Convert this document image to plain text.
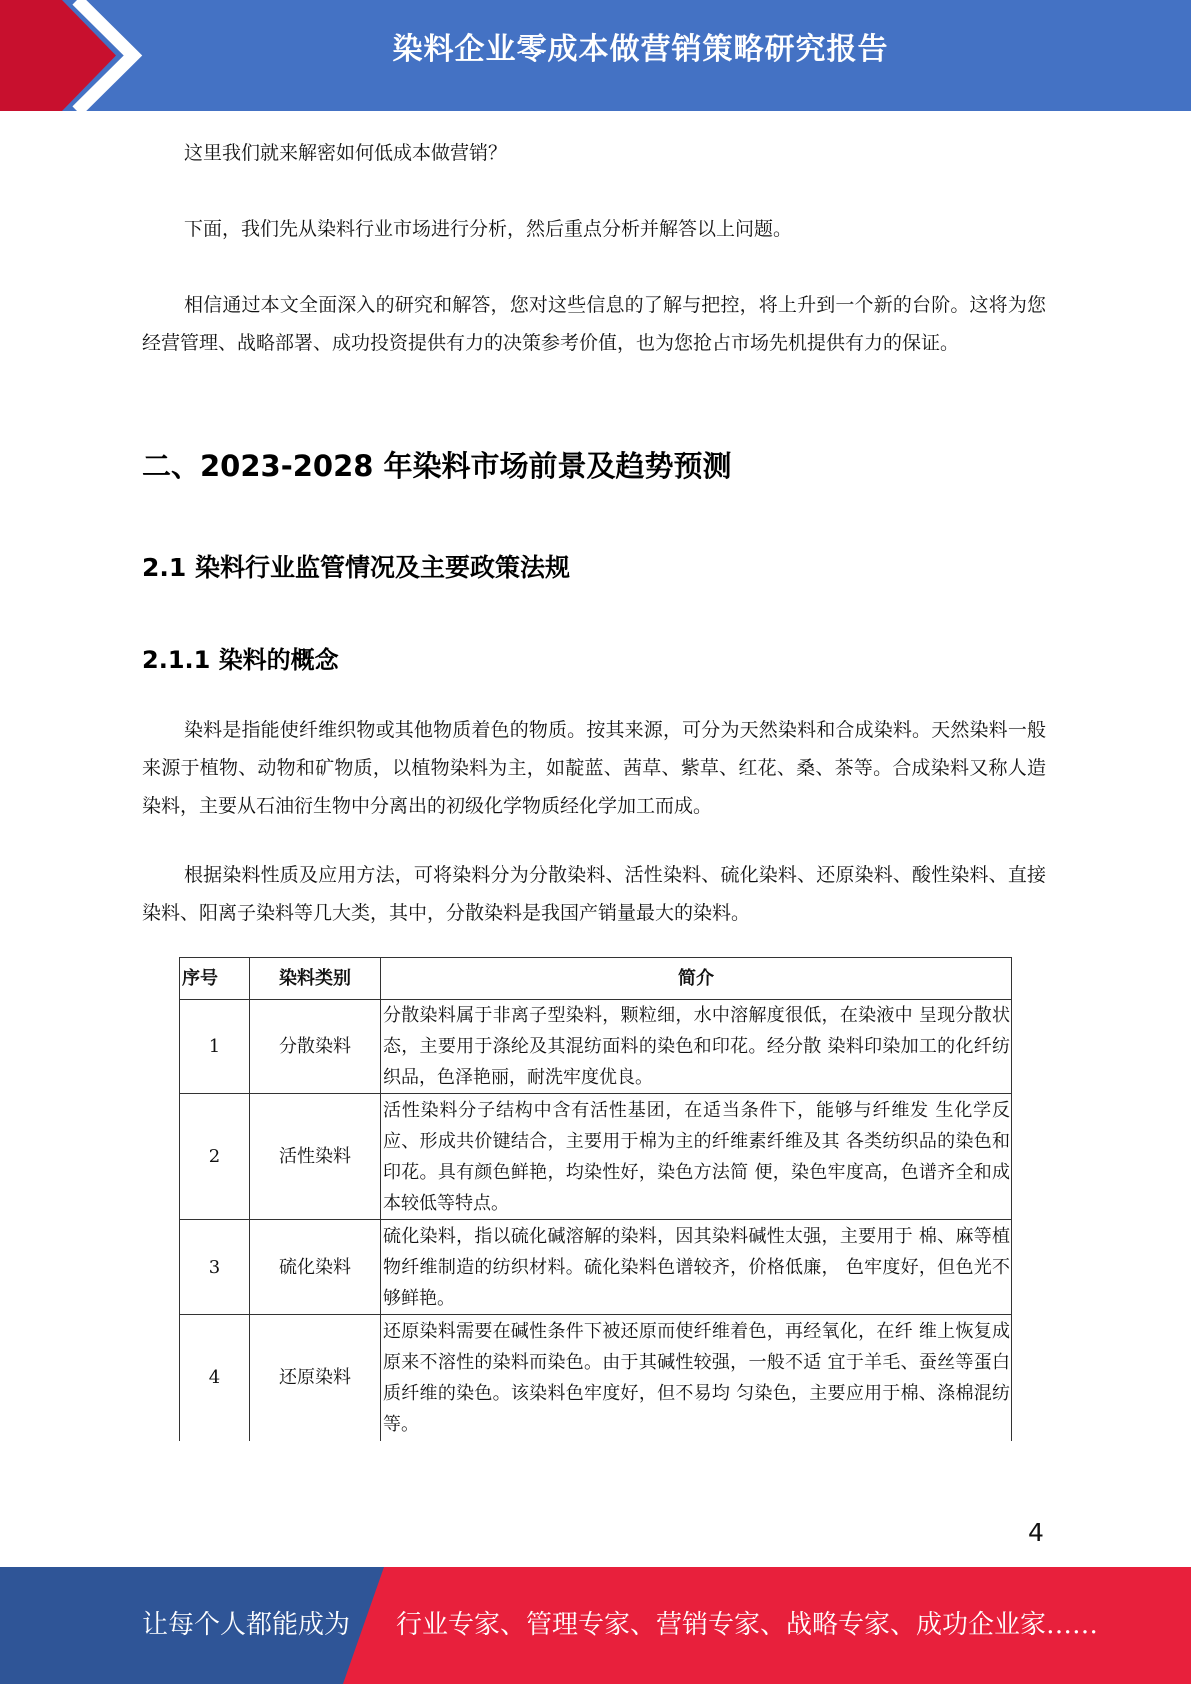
染料企业零成本做营销策略研究报告

这里我们就来解密如何低成本做营销？

下面，我们先从染料行业市场进行分析，然后重点分析并解答以上问题。

相信通过本文全面深入的研究和解答，您对这些信息的了解与把控，将上升到一个新的台阶。这将为您经营管理、战略部署、成功投资提供有力的决策参考价值，也为您抢占市场先机提供有力的保证。

二、2023-2028 年染料市场前景及趋势预测
2.1 染料行业监管情况及主要政策法规
2.1.1 染料的概念

染料是指能使纤维织物或其他物质着色的物质。按其来源，可分为天然染料和合成染料。天然染料一般来源于植物、动物和矿物质，以植物染料为主，如靛蓝、茜草、紫草、红花、桑、茶等。合成染料又称人造染料，主要从石油衍生物中分离出的初级化学物质经化学加工而成。

根据染料性质及应用方法，可将染料分为分散染料、活性染料、硫化染料、还原染料、酸性染料、直接染料、阳离子染料等几大类，其中，分散染料是我国产销量最大的染料。

序号	染料类别	简介
1	分散染料	分散染料属于非离子型染料，颗粒细，水中溶解度很低，在染液中 呈现分散状态，主要用于涤纶及其混纺面料的染色和印花。经分散 染料印染加工的化纤纺织品，色泽艳丽，耐洗牢度优良。
2	活性染料	活性染料分子结构中含有活性基团，在适当条件下，能够与纤维发 生化学反应、形成共价键结合，主要用于棉为主的纤维素纤维及其 各类纺织品的染色和印花。具有颜色鲜艳，均染性好，染色方法简 便，染色牢度高，色谱齐全和成本较低等特点。
3	硫化染料	硫化染料，指以硫化碱溶解的染料，因其染料碱性太强，主要用于 棉、麻等植物纤维制造的纺织材料。硫化染料色谱较齐，价格低廉， 色牢度好，但色光不够鲜艳。
4	还原染料	还原染料需要在碱性条件下被还原而使纤维着色，再经氧化，在纤 维上恢复成原来不溶性的染料而染色。由于其碱性较强，一般不适 宜于羊毛、蚕丝等蛋白质纤维的染色。该染料色牢度好，但不易均 匀染色，主要应用于棉、涤棉混纺等。
4
让每个人都能成为 行业专家、管理专家、营销专家、战略专家、成功企业家……
